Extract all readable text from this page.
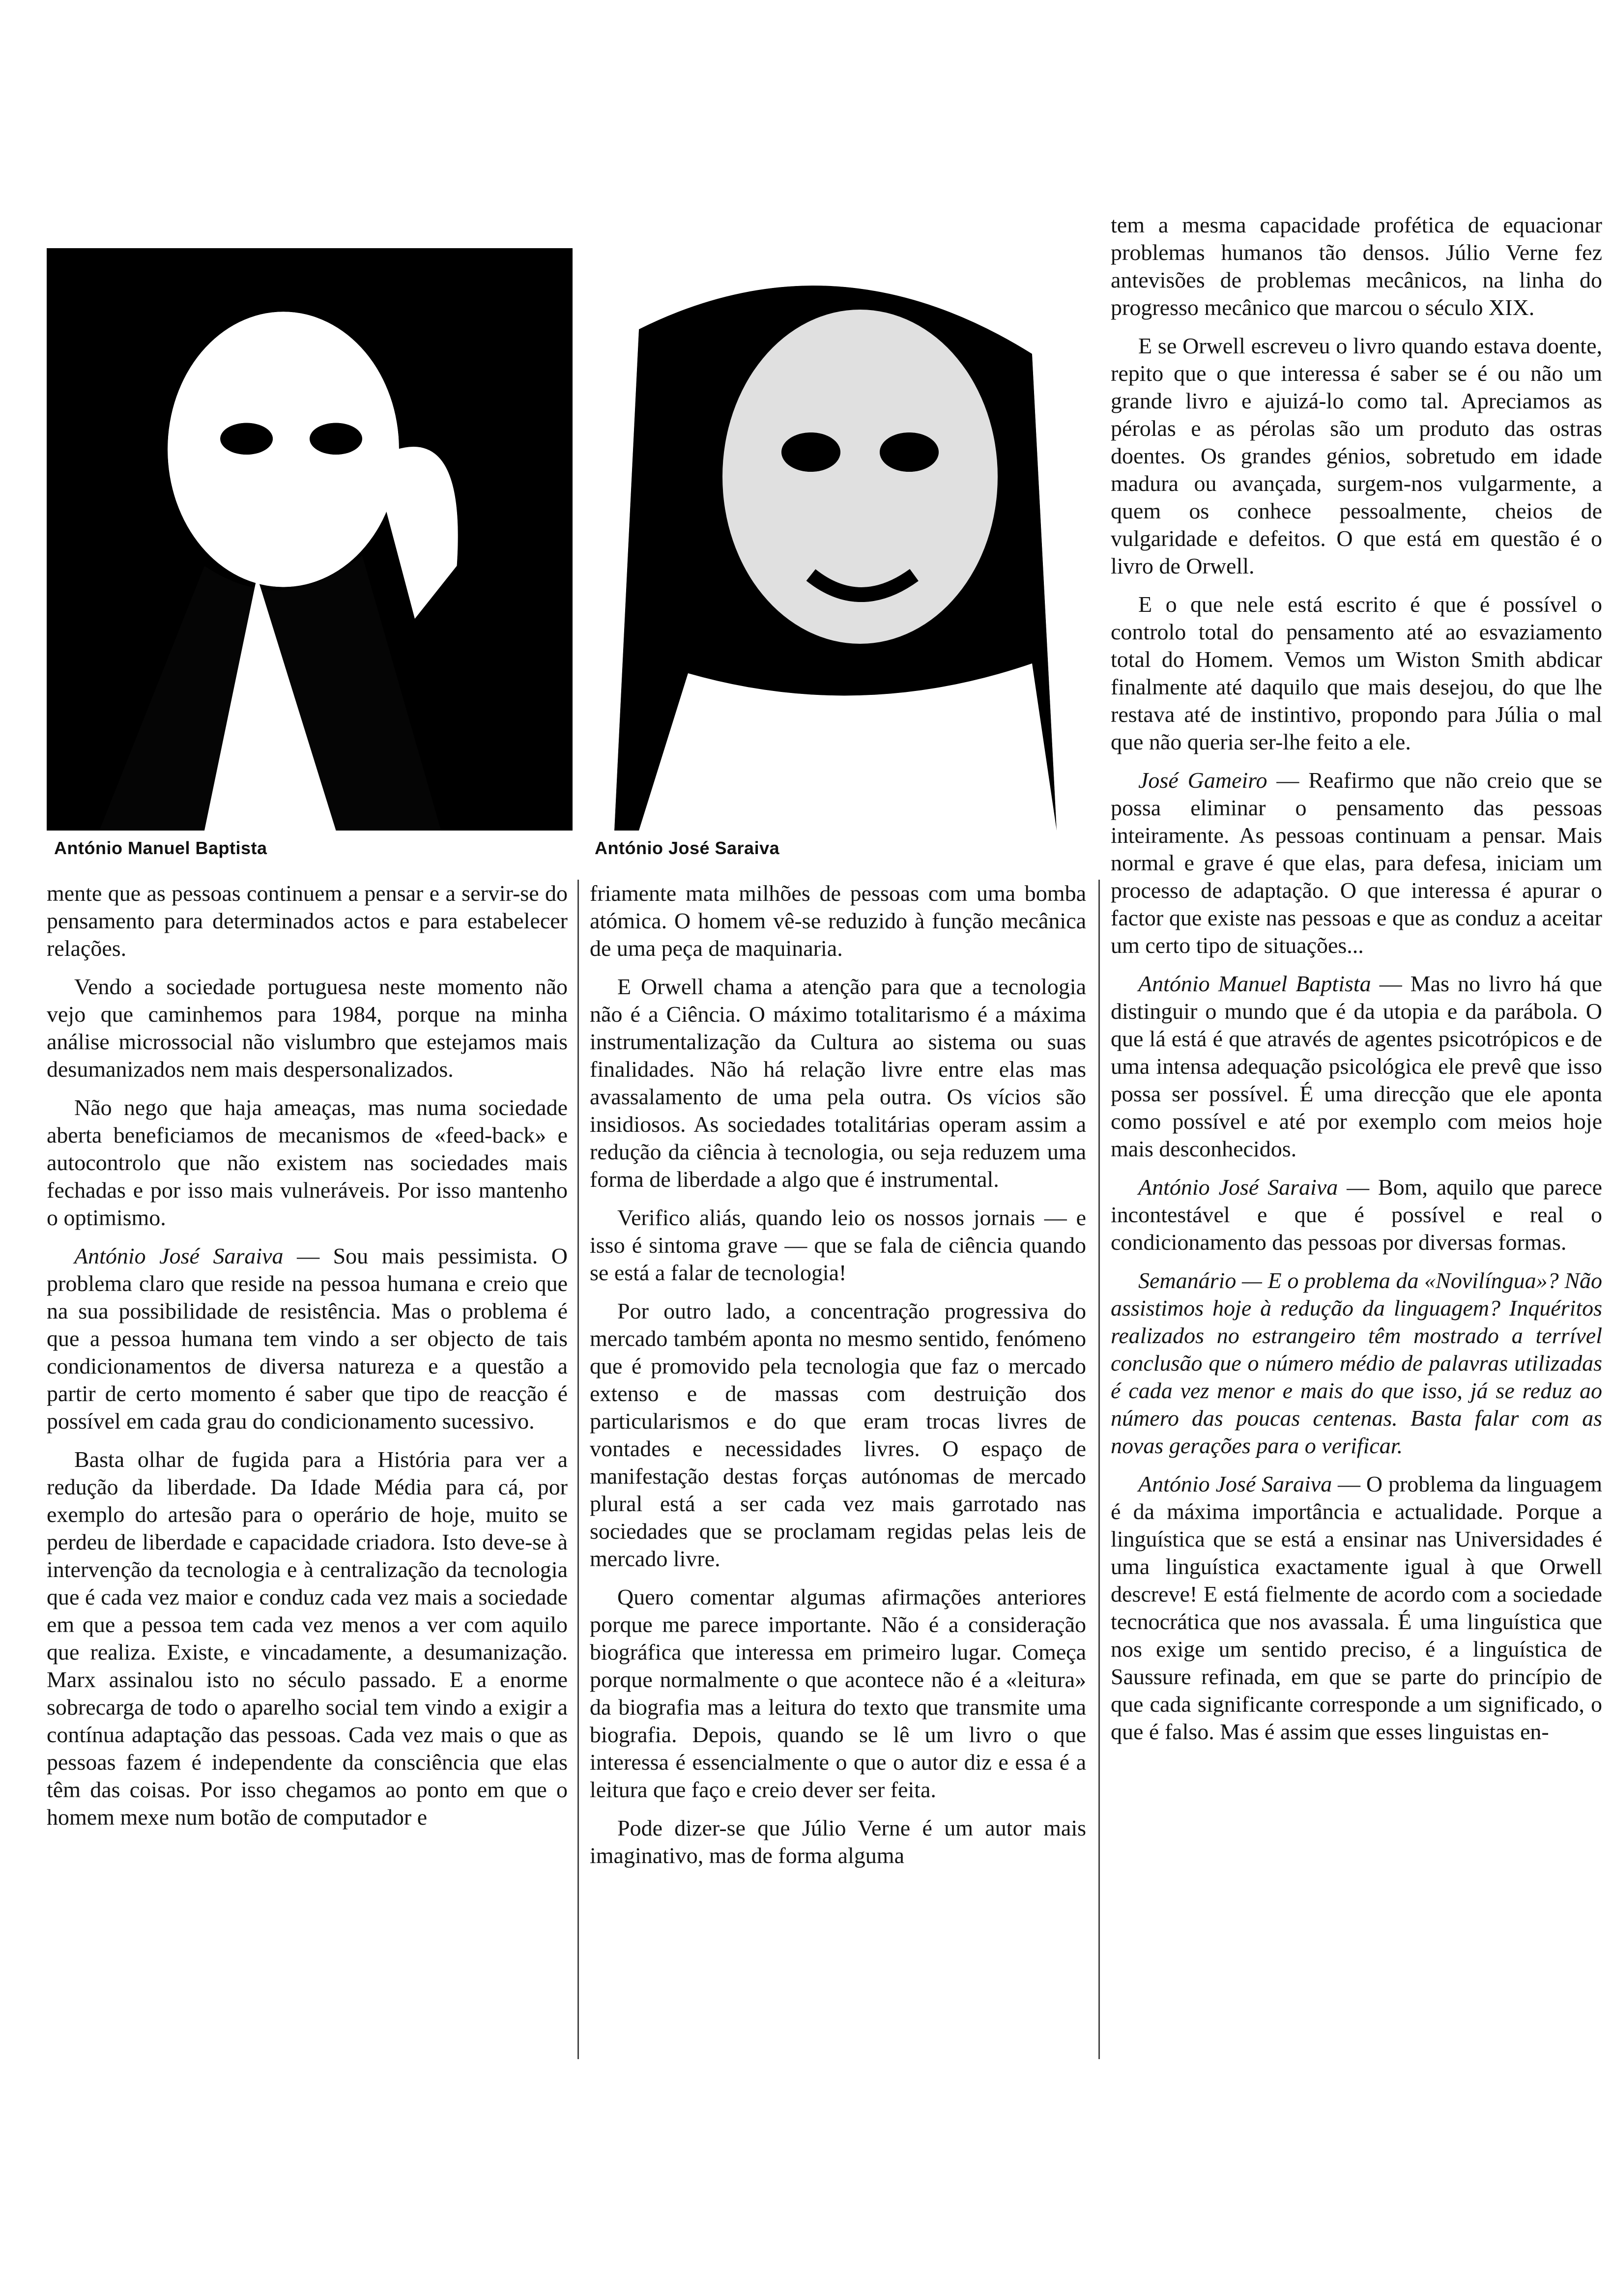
António Manuel Baptista	António José Saraiva

mente que as pessoas continuem a pensar e a servir-se do pensamento para determinados actos e para estabelecer relações.

Vendo a sociedade portuguesa neste momento não vejo que caminhemos para 1984, porque na minha análise microssocial não vislumbro que estejamos mais desumanizados nem mais despersonalizados.

Não nego que haja ameaças, mas numa sociedade aberta beneficiamos de mecanismos de «feed-back» e autocontrolo que não existem nas sociedades mais fechadas e por isso mais vulneráveis. Por isso mantenho o optimismo.

António José Saraiva — Sou mais pessimista. O problema claro que reside na pessoa humana e creio que na sua possibilidade de resistência. Mas o problema é que a pessoa humana tem vindo a ser objecto de tais condicionamentos de diversa natureza e a questão a partir de certo momento é saber que tipo de reacção é possível em cada grau do condicionamento sucessivo.

Basta olhar de fugida para a História para ver a redução da liberdade. Da Idade Média para cá, por exemplo do artesão para o operário de hoje, muito se perdeu de liberdade e capacidade criadora. Isto deve-se à intervenção da tecnologia e à centralização da tecnologia que é cada vez maior e conduz cada vez mais a sociedade em que a pessoa tem cada vez menos a ver com aquilo que realiza. Existe, e vincadamente, a desumanização. Marx assinalou isto no século passado. E a enorme sobrecarga de todo o aparelho social tem vindo a exigir a contínua adaptação das pessoas. Cada vez mais o que as pessoas fazem é independente da consciência que elas têm das coisas. Por isso chegamos ao ponto em que o homem mexe num botão de computador e

friamente mata milhões de pessoas com uma bomba atómica. O homem vê-se reduzido à função mecânica de uma peça de maquinaria.

E Orwell chama a atenção para que a tecnologia não é a Ciência. O máximo totalitarismo é a máxima instrumentalização da Cultura ao sistema ou suas finalidades. Não há relação livre entre elas mas avassalamento de uma pela outra. Os vícios são insidiosos. As sociedades totalitárias operam assim a redução da ciência à tecnologia, ou seja reduzem uma forma de liberdade a algo que é instrumental.

Verifico aliás, quando leio os nossos jornais — e isso é sintoma grave — que se fala de ciência quando se está a falar de tecnologia!

Por outro lado, a concentração progressiva do mercado também aponta no mesmo sentido, fenómeno que é promovido pela tecnologia que faz o mercado extenso e de massas com destruição dos particularismos e do que eram trocas livres de vontades e necessidades livres. O espaço de manifestação destas forças autónomas de mercado plural está a ser cada vez mais garrotado nas sociedades que se proclamam regidas pelas leis de mercado livre.

Quero comentar algumas afirmações anteriores porque me parece importante. Não é a consideração biográfica que interessa em primeiro lugar. Começa porque normalmente o que acontece não é a «leitura» da biografia mas a leitura do texto que transmite uma biografia. Depois, quando se lê um livro o que interessa é essencialmente o que o autor diz e essa é a leitura que faço e creio dever ser feita.

Pode dizer-se que Júlio Verne é um autor mais imaginativo, mas de forma alguma

tem a mesma capacidade profética de equacionar problemas humanos tão densos. Júlio Verne fez antevisões de problemas mecânicos, na linha do progresso mecânico que marcou o século XIX.

E se Orwell escreveu o livro quando estava doente, repito que o que interessa é saber se é ou não um grande livro e ajuizá-lo como tal. Apreciamos as pérolas e as pérolas são um produto das ostras doentes. Os grandes génios, sobretudo em idade madura ou avançada, surgem-nos vulgarmente, a quem os conhece pessoalmente, cheios de vulgaridade e defeitos. O que está em questão é o livro de Orwell.

E o que nele está escrito é que é possível o controlo total do pensamento até ao esvaziamento total do Homem. Vemos um Wiston Smith abdicar finalmente até daquilo que mais desejou, do que lhe restava até de instintivo, propondo para Júlia o mal que não queria ser-lhe feito a ele.

José Gameiro — Reafirmo que não creio que se possa eliminar o pensamento das pessoas inteiramente. As pessoas continuam a pensar. Mais normal e grave é que elas, para defesa, iniciam um processo de adaptação. O que interessa é apurar o factor que existe nas pessoas e que as conduz a aceitar um certo tipo de situações...

António Manuel Baptista — Mas no livro há que distinguir o mundo que é da utopia e da parábola. O que lá está é que através de agentes psicotrópicos e de uma intensa adequação psicológica ele prevê que isso possa ser possível. É uma direcção que ele aponta como possível e até por exemplo com meios hoje mais desconhecidos.

António José Saraiva — Bom, aquilo que parece incontestável e que é possível e real o condicionamento das pessoas por diversas formas.

Semanário — E o problema da «Novilíngua»? Não assistimos hoje à redução da linguagem? Inquéritos realizados no estrangeiro têm mostrado a terrível conclusão que o número médio de palavras utilizadas é cada vez menor e mais do que isso, já se reduz ao número das poucas centenas. Basta falar com as novas gerações para o verificar.

António José Saraiva — O problema da linguagem é da máxima importância e actualidade. Porque a linguística que se está a ensinar nas Universidades é uma linguística exactamente igual à que Orwell descreve! E está fielmente de acordo com a sociedade tecnocrática que nos avassala. É uma linguística que nos exige um sentido preciso, é a linguística de Saussure refinada, em que se parte do princípio de que cada significante corresponde a um significado, o que é falso. Mas é assim que esses linguistas en-
